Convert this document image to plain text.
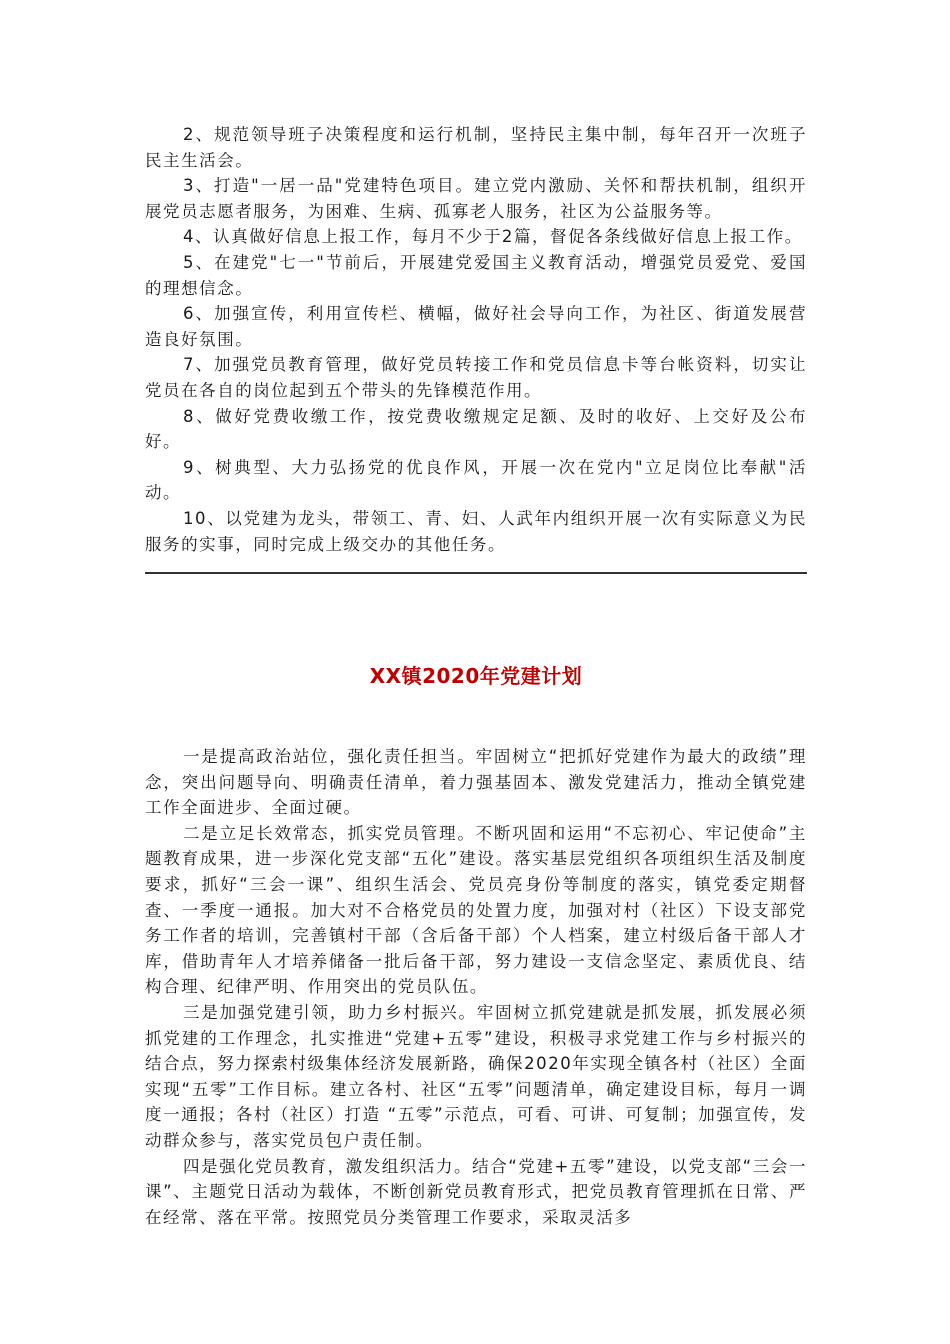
2、规范领导班子决策程度和运行机制，坚持民主集中制，每年召开一次班子民主生活会。

3、打造"一居一品"党建特色项目。建立党内激励、关怀和帮扶机制，组织开展党员志愿者服务，为困难、生病、孤寡老人服务，社区为公益服务等。

4、认真做好信息上报工作，每月不少于2篇，督促各条线做好信息上报工作。

5、在建党"七一"节前后，开展建党爱国主义教育活动，增强党员爱党、爱国的理想信念。

6、加强宣传，利用宣传栏、横幅，做好社会导向工作，为社区、街道发展营造良好氛围。

7、加强党员教育管理，做好党员转接工作和党员信息卡等台帐资料，切实让党员在各自的岗位起到五个带头的先锋模范作用。

8、做好党费收缴工作，按党费收缴规定足额、及时的收好、上交好及公布好。

9、树典型、大力弘扬党的优良作风，开展一次在党内"立足岗位比奉献"活动。

10、以党建为龙头，带领工、青、妇、人武年内组织开展一次有实际意义为民服务的实事，同时完成上级交办的其他任务。

XX镇2020年党建计划

一是提高政治站位，强化责任担当。牢固树立“把抓好党建作为最大的政绩”理念，突出问题导向、明确责任清单，着力强基固本、激发党建活力，推动全镇党建工作全面进步、全面过硬。

二是立足长效常态，抓实党员管理。不断巩固和运用“不忘初心、牢记使命”主题教育成果，进一步深化党支部“五化”建设。落实基层党组织各项组织生活及制度要求，抓好“三会一课”、组织生活会、党员亮身份等制度的落实，镇党委定期督查、一季度一通报。加大对不合格党员的处置力度，加强对村（社区）下设支部党务工作者的培训，完善镇村干部（含后备干部）个人档案，建立村级后备干部人才库，借助青年人才培养储备一批后备干部，努力建设一支信念坚定、素质优良、结构合理、纪律严明、作用突出的党员队伍。

三是加强党建引领，助力乡村振兴。牢固树立抓党建就是抓发展，抓发展必须抓党建的工作理念，扎实推进“党建+五零”建设，积极寻求党建工作与乡村振兴的结合点，努力探索村级集体经济发展新路，确保2020年实现全镇各村（社区）全面实现“五零”工作目标。建立各村、社区“五零”问题清单，确定建设目标，每月一调度一通报；各村（社区）打造 “五零”示范点，可看、可讲、可复制；加强宣传，发动群众参与，落实党员包户责任制。

四是强化党员教育，激发组织活力。结合“党建+五零”建设，以党支部“三会一课”、主题党日活动为载体，不断创新党员教育形式，把党员教育管理抓在日常、严在经常、落在平常。按照党员分类管理工作要求，采取灵活多
